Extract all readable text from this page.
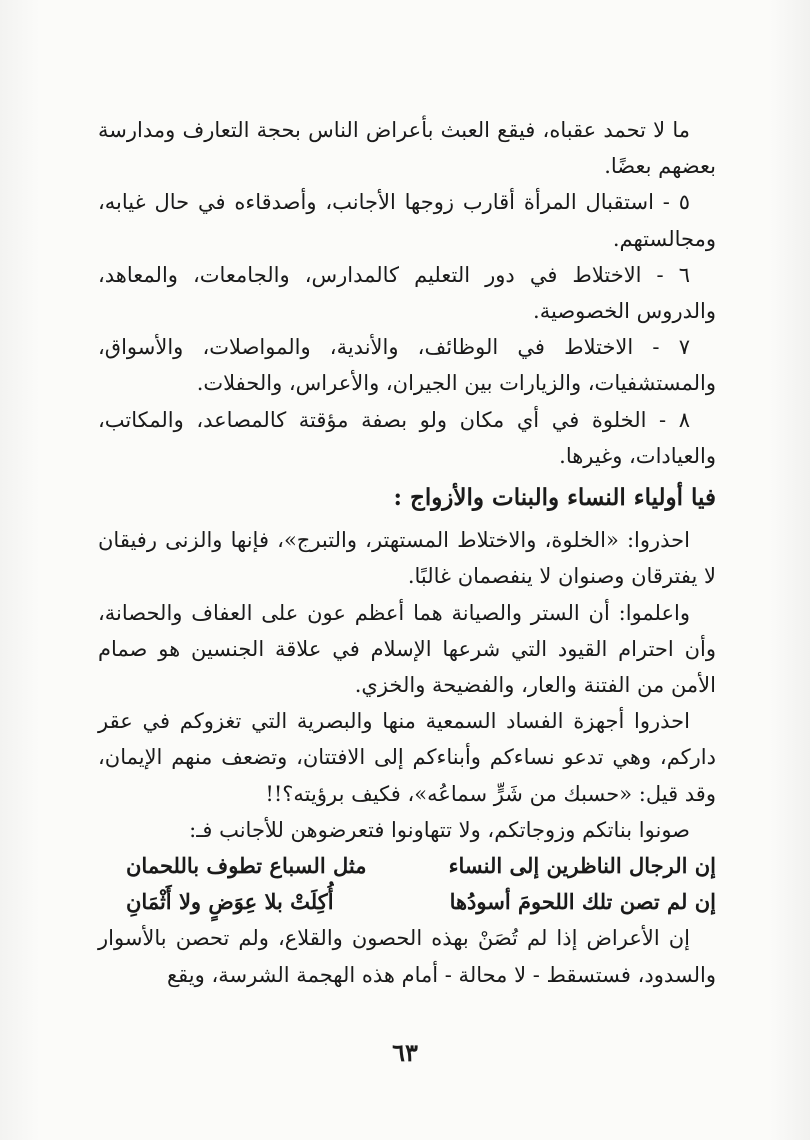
ما لا تحمد عقباه، فيقع العبث بأعراض الناس بحجة التعارف ومدارسة بعضهم بعضًا.

٥ - استقبال المرأة أقارب زوجها الأجانب، وأصدقاءه في حال غيابه، ومجالستهم.

٦ - الاختلاط في دور التعليم كالمدارس، والجامعات، والمعاهد، والدروس الخصوصية.

٧ - الاختلاط في الوظائف، والأندية، والمواصلات، والأسواق، والمستشفيات، والزيارات بين الجيران، والأعراس، والحفلات.

٨ - الخلوة في أي مكان ولو بصفة مؤقتة كالمصاعد، والمكاتب، والعيادات، وغيرها.

فيا أولياء النساء والبنات والأزواج :

احذروا: «الخلوة، والاختلاط المستهتر، والتبرج»، فإنها والزنى رفيقان لا يفترقان وصنوان لا ينفصمان غالبًا.

واعلموا: أن الستر والصيانة هما أعظم عون على العفاف والحصانة، وأن احترام القيود التي شرعها الإسلام في علاقة الجنسين هو صمام الأمن من الفتنة والعار، والفضيحة والخزي.

احذروا أجهزة الفساد السمعية منها والبصرية التي تغزوكم في عقر داركم، وهي تدعو نساءكم وأبناءكم إلى الافتتان، وتضعف منهم الإيمان، وقد قيل: «حسبك من شَرٍّ سماعُه»، فكيف برؤيته؟!!

صونوا بناتكم وزوجاتكم، ولا تتهاونوا فتعرضوهن للأجانب فـ:

إن الرجال الناظرين إلى النساء
مثل السباع تطوف باللحمان
إن لم تصن تلك اللحومَ أسودُها
أُكِلَتْ بلا عِوَضٍ ولا أَثْمَانِ

إن الأعراض إذا لم تُصَنْ بهذه الحصون والقلاع، ولم تحصن بالأسوار والسدود، فستسقط - لا محالة - أمام هذه الهجمة الشرسة، ويقع

٦٣
